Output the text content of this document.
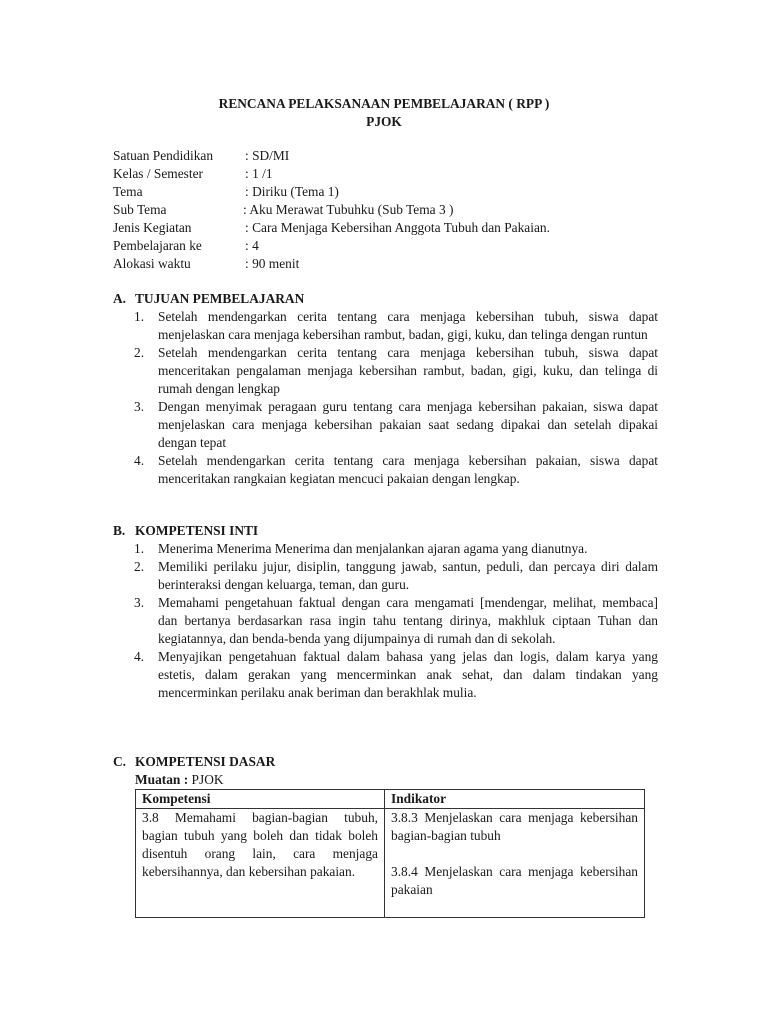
RENCANA PELAKSANAAN PEMBELAJARAN ( RPP )
PJOK
Satuan Pendidikan : SD/MI
Kelas / Semester	: 1 /1
Tema	: Diriku (Tema 1)
Sub Tema	: Aku Merawat Tubuhku (Sub Tema 3 )
Jenis Kegiatan	: Cara Menjaga Kebersihan Anggota Tubuh dan Pakaian.
Pembelajaran ke	: 4
Alokasi waktu	: 90 menit
A. TUJUAN PEMBELAJARAN
1. Setelah mendengarkan cerita tentang cara menjaga kebersihan tubuh, siswa dapat menjelaskan cara menjaga kebersihan rambut, badan, gigi, kuku, dan telinga dengan runtun
2. Setelah mendengarkan cerita tentang cara menjaga kebersihan tubuh, siswa dapat menceritakan pengalaman menjaga kebersihan rambut, badan, gigi, kuku, dan telinga di rumah dengan lengkap
3. Dengan menyimak peragaan guru tentang cara menjaga kebersihan pakaian, siswa dapat menjelaskan cara menjaga kebersihan pakaian saat sedang dipakai dan setelah dipakai dengan tepat
4. Setelah mendengarkan cerita tentang cara menjaga kebersihan pakaian, siswa dapat menceritakan rangkaian kegiatan mencuci pakaian dengan lengkap.
B. KOMPETENSI INTI
1. Menerima Menerima Menerima dan menjalankan ajaran agama yang dianutnya.
2. Memiliki perilaku jujur, disiplin, tanggung jawab, santun, peduli, dan percaya diri dalam berinteraksi dengan keluarga, teman, dan guru.
3. Memahami pengetahuan faktual dengan cara mengamati [mendengar, melihat, membaca] dan bertanya berdasarkan rasa ingin tahu tentang dirinya, makhluk ciptaan Tuhan dan kegiatannya, dan benda-benda yang dijumpainya di rumah dan di sekolah.
4. Menyajikan pengetahuan faktual dalam bahasa yang jelas dan logis, dalam karya yang estetis, dalam gerakan yang mencerminkan anak sehat, dan dalam tindakan yang mencerminkan perilaku anak beriman dan berakhlak mulia.
C. KOMPETENSI DASAR
Muatan : PJOK
Kompetensi	Indikator
3.8 Memahami bagian-bagian tubuh, bagian tubuh yang boleh dan tidak boleh disentuh orang lain, cara menjaga kebersihannya, dan kebersihan pakaian.	3.8.3 Menjelaskan cara menjaga kebersihan bagian-bagian tubuh
3.8.4 Menjelaskan cara menjaga kebersihan pakaian
